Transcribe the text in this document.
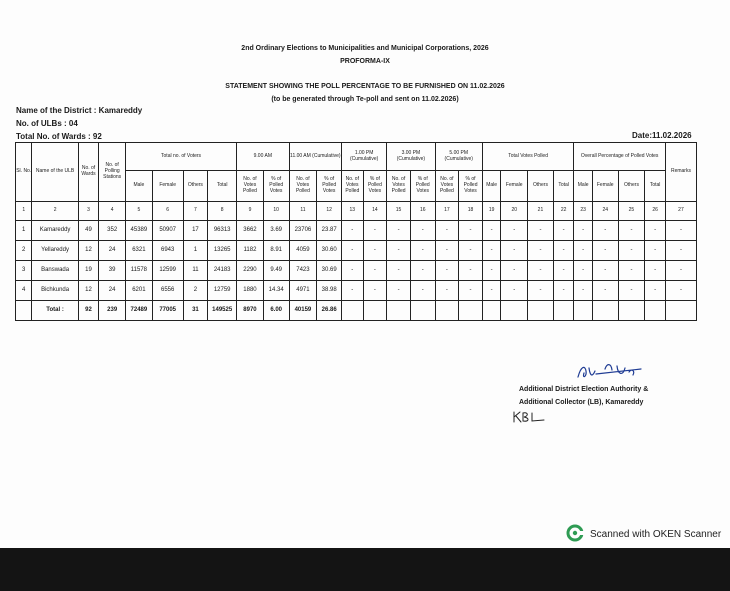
2nd Ordinary Elections to Municipalities and Municipal Corporations, 2026
PROFORMA-IX
STATEMENT SHOWING THE POLL PERCENTAGE TO BE FURNISHED ON 11.02.2026
(to be generated through Te-poll and sent on 11.02.2026)
Name of the District : Kamareddy
No. of ULBs : 04
Total No. of Wards : 92	Date:11.02.2026
Sl. No.	Name of the ULB	No. of Wards	No. of Polling Stations	Total no. of Voters				9.00 AM		11.00 AM (Cumulative)		1.00 PM (Cumulative)		3.00 PM (Cumulative)		5.00 PM (Cumulative)		Total Votes Polled				Overall Percentage of Polled Votes				Remarks
				Male	Female	Others	Total	No. of Votes Polled	% of Polled Votes	No. of Votes Polled	% of Polled Votes	No. of Votes Polled	% of Polled Votes	No. of Votes Polled	% of Polled Votes	No. of Votes Polled	% of Polled Votes	Male	Female	Others	Total	Male	Female	Others	Total	
1	2	3	4	5	6	7	8	9	10	11	12	13	14	15	16	17	18	19	20	21	22	23	24	25	26	27
1	Kamareddy	49	352	45389	50907	17	96313	3662	3.69	23706	23.87	-	-	-	-	-	-	-	-	-	-	-	-	-	-	-
2	Yellareddy	12	24	6321	6943	1	13265	1182	8.91	4059	30.60	-	-	-	-	-	-	-	-	-	-	-	-	-	-	-
3	Banswada	19	39	11578	12599	11	24183	2290	9.49	7423	30.69	-	-	-	-	-	-	-	-	-	-	-	-	-	-	-
4	Bichkunda	12	24	6201	6556	2	12759	1880	14.34	4971	38.98	-	-	-	-	-	-	-	-	-	-	-	-	-	-	-
	Total :	92	239	72489	77005	31	149525	8970	6.00	40159	26.86															
Additional District Election Authority &
Additional Collector (LB), Kamareddy
Scanned with OKEN Scanner
